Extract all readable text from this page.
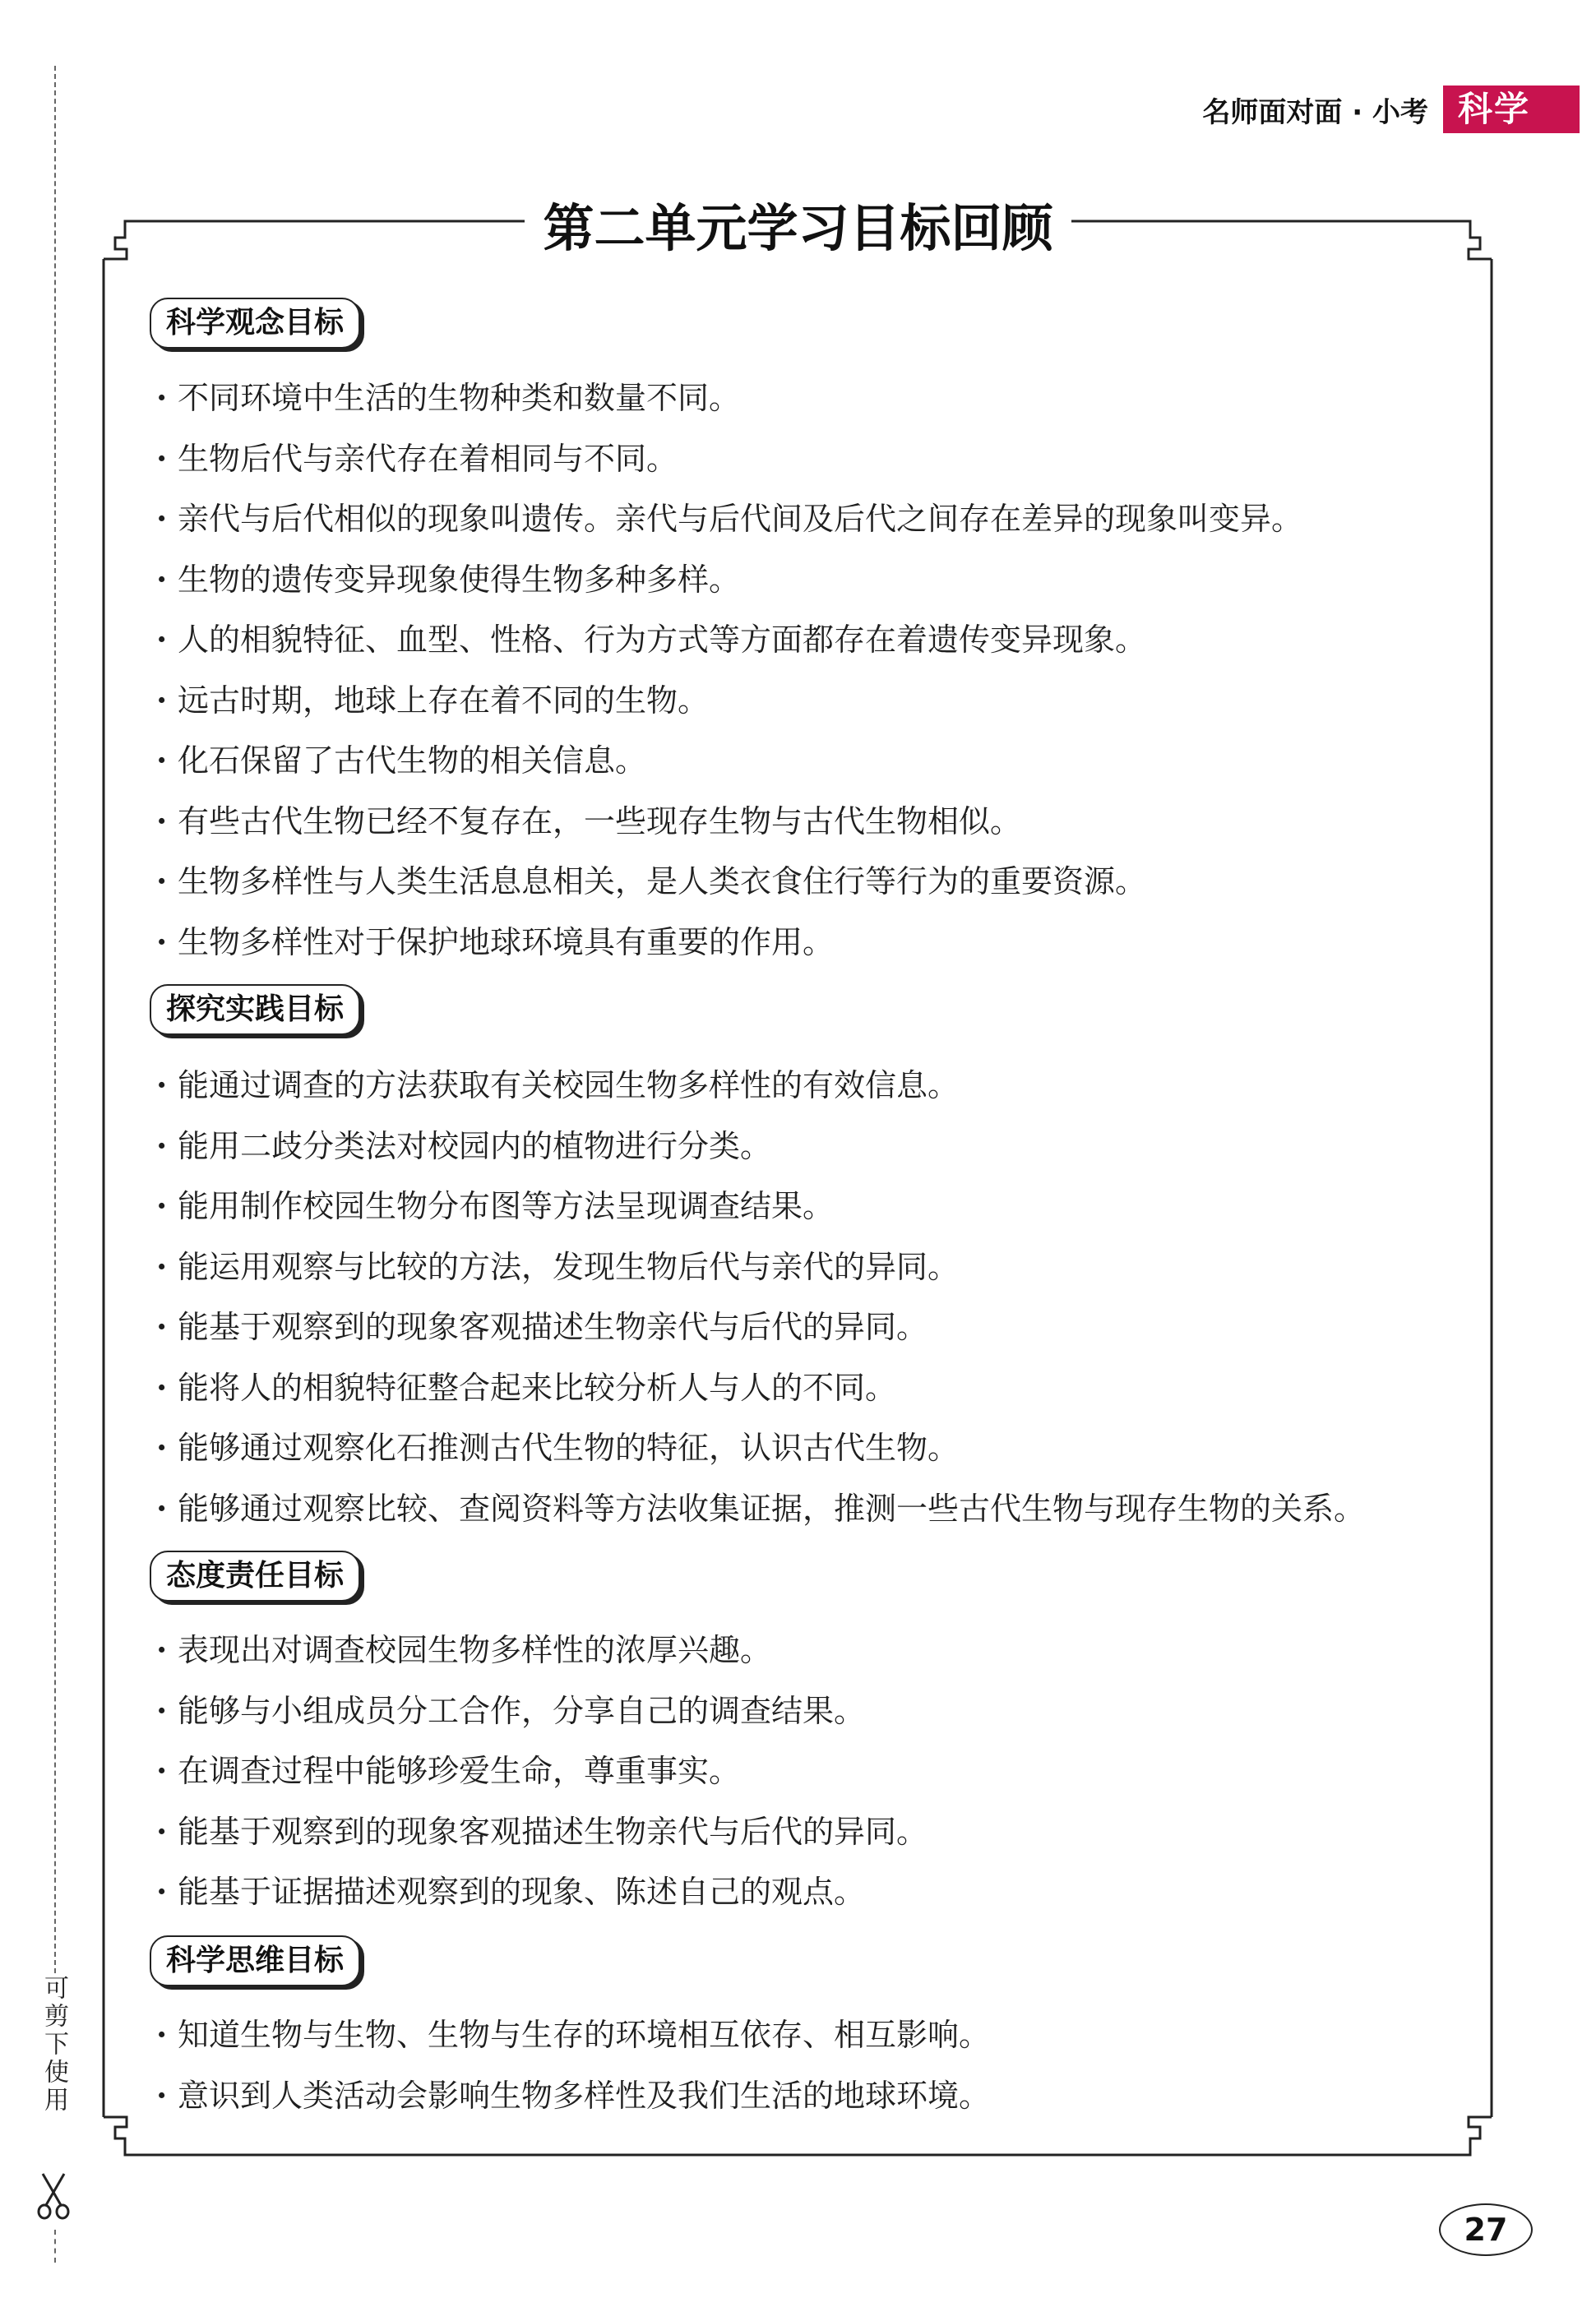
可剪下使用
名师面对面 · 小考 科学
第二单元学习目标回顾
科学观念目标
· 不同环境中生活的生物种类和数量不同。
· 生物后代与亲代存在着相同与不同。
· 亲代与后代相似的现象叫遗传。亲代与后代间及后代之间存在差异的现象叫变异。
· 生物的遗传变异现象使得生物多种多样。
· 人的相貌特征、血型、性格、行为方式等方面都存在着遗传变异现象。
· 远古时期，地球上存在着不同的生物。
· 化石保留了古代生物的相关信息。
· 有些古代生物已经不复存在，一些现存生物与古代生物相似。
· 生物多样性与人类生活息息相关，是人类衣食住行等行为的重要资源。
· 生物多样性对于保护地球环境具有重要的作用。
探究实践目标
· 能通过调查的方法获取有关校园生物多样性的有效信息。
· 能用二歧分类法对校园内的植物进行分类。
· 能用制作校园生物分布图等方法呈现调查结果。
· 能运用观察与比较的方法，发现生物后代与亲代的异同。
· 能基于观察到的现象客观描述生物亲代与后代的异同。
· 能将人的相貌特征整合起来比较分析人与人的不同。
· 能够通过观察化石推测古代生物的特征，认识古代生物。
· 能够通过观察比较、查阅资料等方法收集证据，推测一些古代生物与现存生物的关系。
态度责任目标
· 表现出对调查校园生物多样性的浓厚兴趣。
· 能够与小组成员分工合作，分享自己的调查结果。
· 在调查过程中能够珍爱生命，尊重事实。
· 能基于观察到的现象客观描述生物亲代与后代的异同。
· 能基于证据描述观察到的现象、陈述自己的观点。
科学思维目标
· 知道生物与生物、生物与生存的环境相互依存、相互影响。
· 意识到人类活动会影响生物多样性及我们生活的地球环境。
27
